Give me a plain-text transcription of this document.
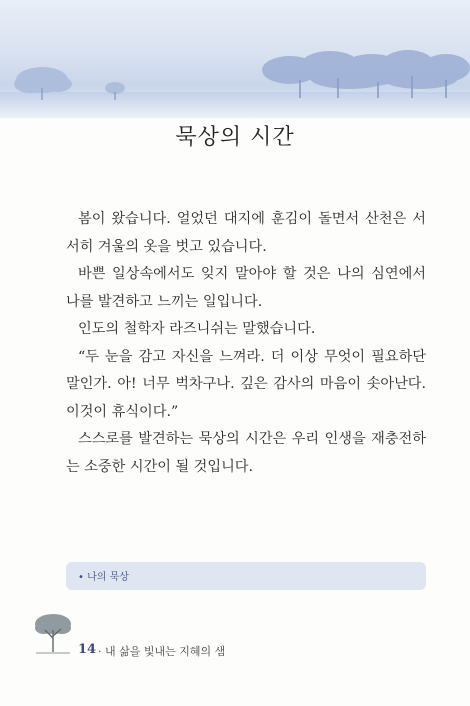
묵상의 시간

봄이 왔습니다. 얼었던 대지에 훈김이 돌면서 산천은 서서히 겨울의 옷을 벗고 있습니다.

바쁜 일상속에서도 잊지 말아야 할 것은 나의 심연에서 나를 발견하고 느끼는 일입니다.

인도의 철학자 라즈니쉬는 말했습니다.

“두 눈을 감고 자신을 느껴라. 더 이상 무엇이 필요하단 말인가. 아! 너무 벅차구나. 깊은 감사의 마음이 솟아난다. 이것이 휴식이다.”

스스로를 발견하는 묵상의 시간은 우리 인생을 재충전하는 소중한 시간이 될 것입니다.

• 나의 묵상
14 · 내 삶을 빛내는 지혜의 샘
